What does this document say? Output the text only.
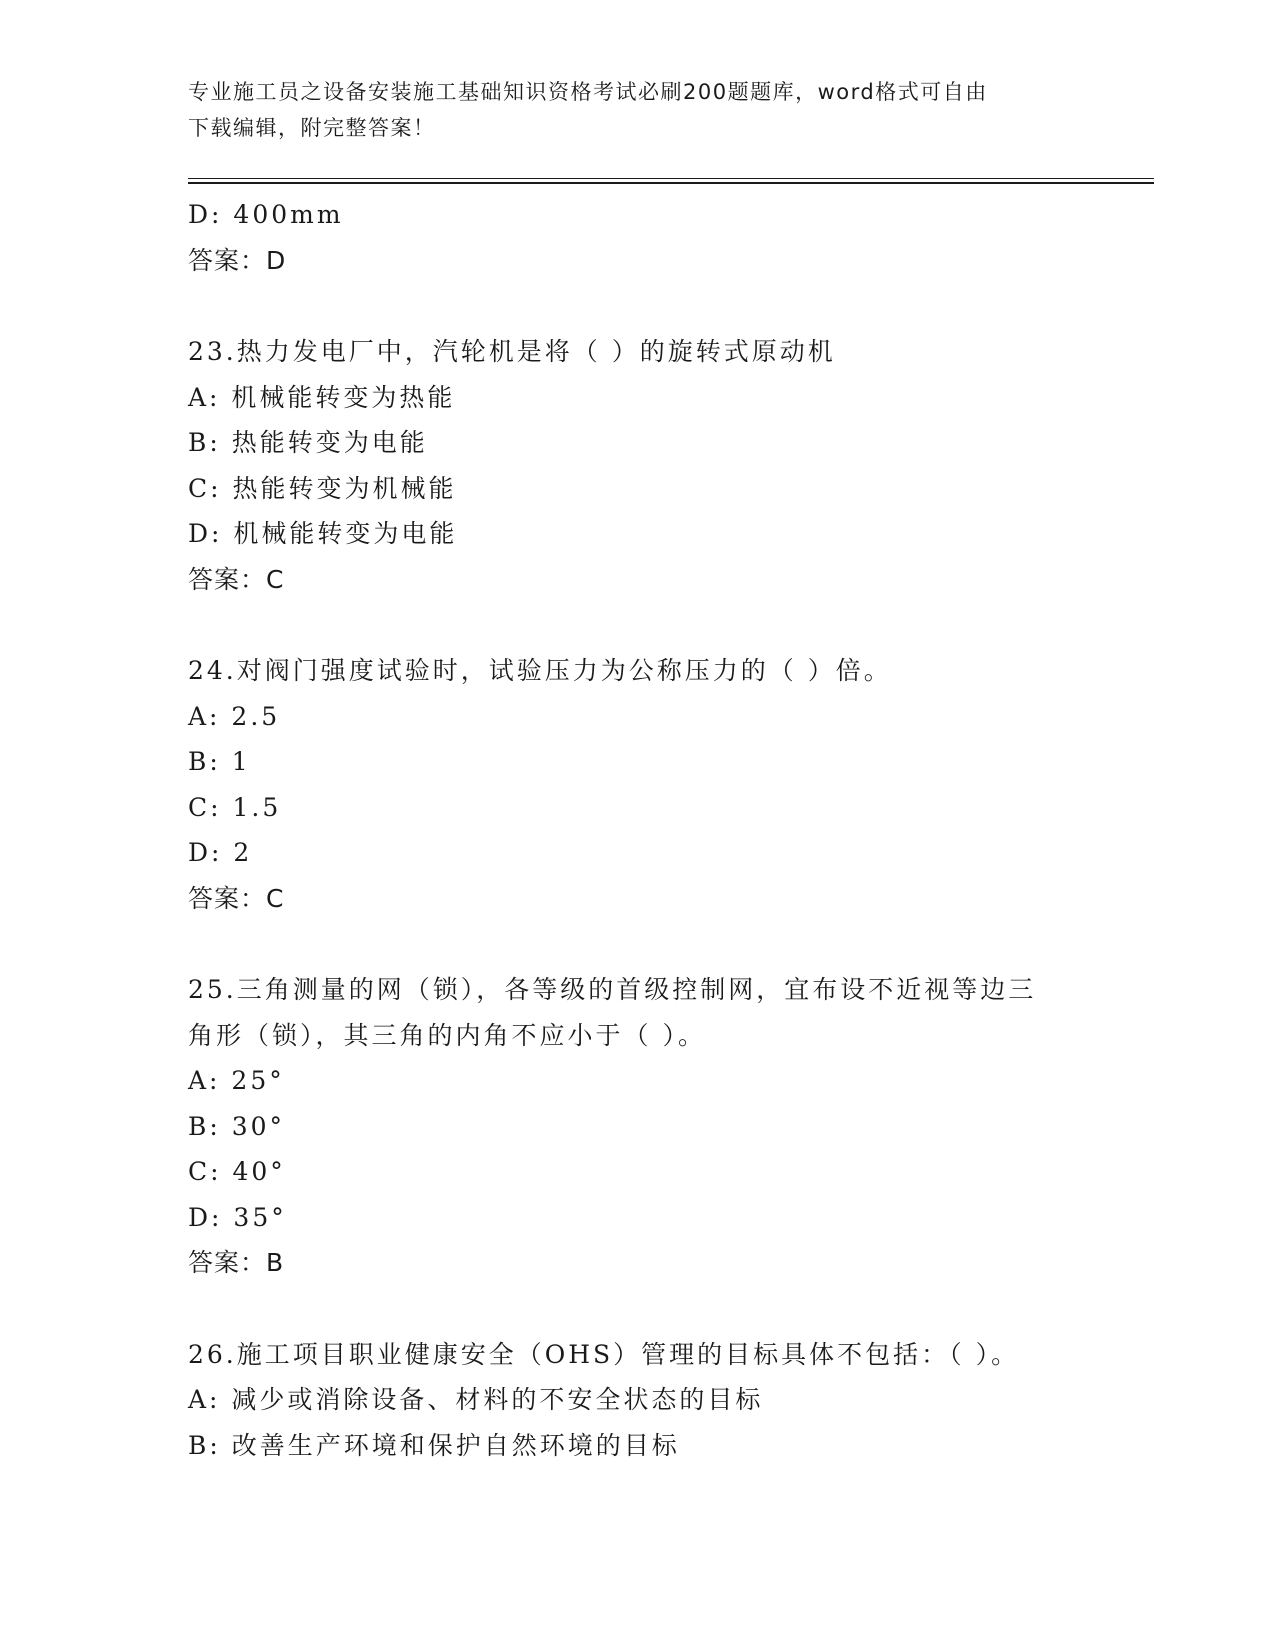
专业施工员之设备安装施工基础知识资格考试必刷200题题库，word格式可自由
下载编辑，附完整答案！
D: 400mm
答案：D
23.热力发电厂中，汽轮机是将（ ）的旋转式原动机
A: 机械能转变为热能
B: 热能转变为电能
C: 热能转变为机械能
D: 机械能转变为电能
答案：C
24.对阀门强度试验时，试验压力为公称压力的（ ）倍。
A: 2.5
B: 1
C: 1.5
D: 2
答案：C
25.三角测量的网（锁），各等级的首级控制网，宜布设不近视等边三
角形（锁），其三角的内角不应小于（ ）。
A: 25°
B: 30°
C: 40°
D: 35°
答案：B
26.施工项目职业健康安全（OHS）管理的目标具体不包括：（ ）。
A: 减少或消除设备、材料的不安全状态的目标
B: 改善生产环境和保护自然环境的目标
